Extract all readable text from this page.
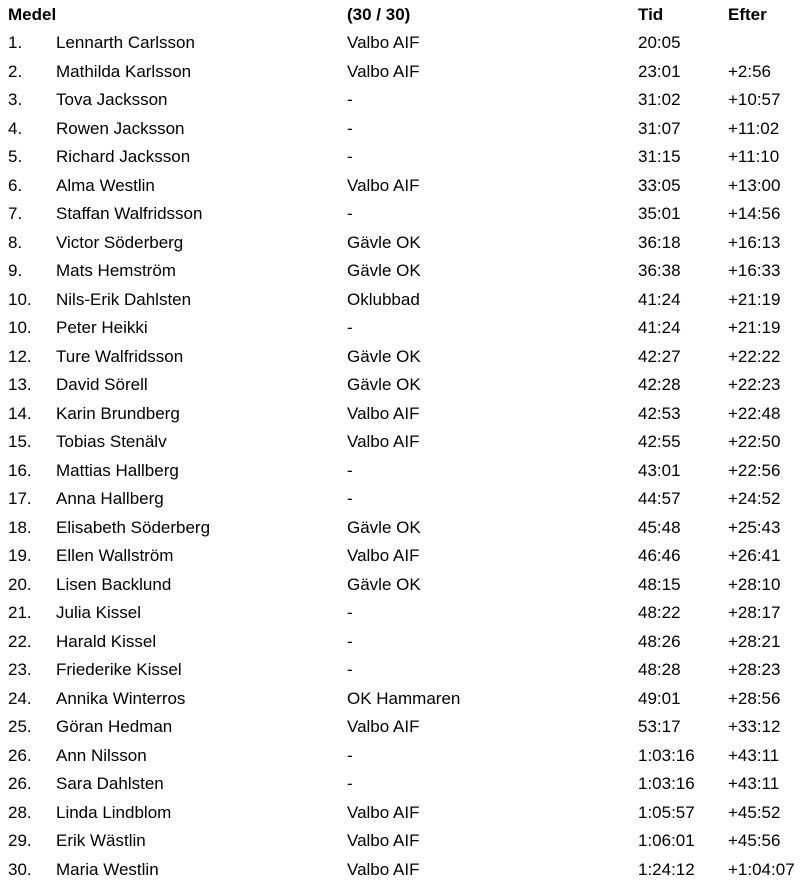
Medel	(30 / 30)	Tid	Efter
1. Lennarth Carlsson	Valbo AIF	20:05
2. Mathilda Karlsson	Valbo AIF	23:01	+2:56
3. Tova Jacksson	-	31:02	+10:57
4. Rowen Jacksson	-	31:07	+11:02
5. Richard Jacksson	-	31:15	+11:10
6. Alma Westlin	Valbo AIF	33:05	+13:00
7. Staffan Walfridsson	-	35:01	+14:56
8. Victor Söderberg	Gävle OK	36:18	+16:13
9. Mats Hemström	Gävle OK	36:38	+16:33
10. Nils-Erik Dahlsten	Oklubbad	41:24	+21:19
10. Peter Heikki	-	41:24	+21:19
12. Ture Walfridsson	Gävle OK	42:27	+22:22
13. David Sörell	Gävle OK	42:28	+22:23
14. Karin Brundberg	Valbo AIF	42:53	+22:48
15. Tobias Stenälv	Valbo AIF	42:55	+22:50
16. Mattias Hallberg	-	43:01	+22:56
17. Anna Hallberg	-	44:57	+24:52
18. Elisabeth Söderberg	Gävle OK	45:48	+25:43
19. Ellen Wallström	Valbo AIF	46:46	+26:41
20. Lisen Backlund	Gävle OK	48:15	+28:10
21. Julia Kissel	-	48:22	+28:17
22. Harald Kissel	-	48:26	+28:21
23. Friederike Kissel	-	48:28	+28:23
24. Annika Winterros	OK Hammaren	49:01	+28:56
25. Göran Hedman	Valbo AIF	53:17	+33:12
26. Ann Nilsson	-	1:03:16 +43:11
26. Sara Dahlsten	-	1:03:16 +43:11
28. Linda Lindblom	Valbo AIF	1:05:57 +45:52
29. Erik Wästlin	Valbo AIF	1:06:01 +45:56
30. Maria Westlin	Valbo AIF	1:24:12 +1:04:07
